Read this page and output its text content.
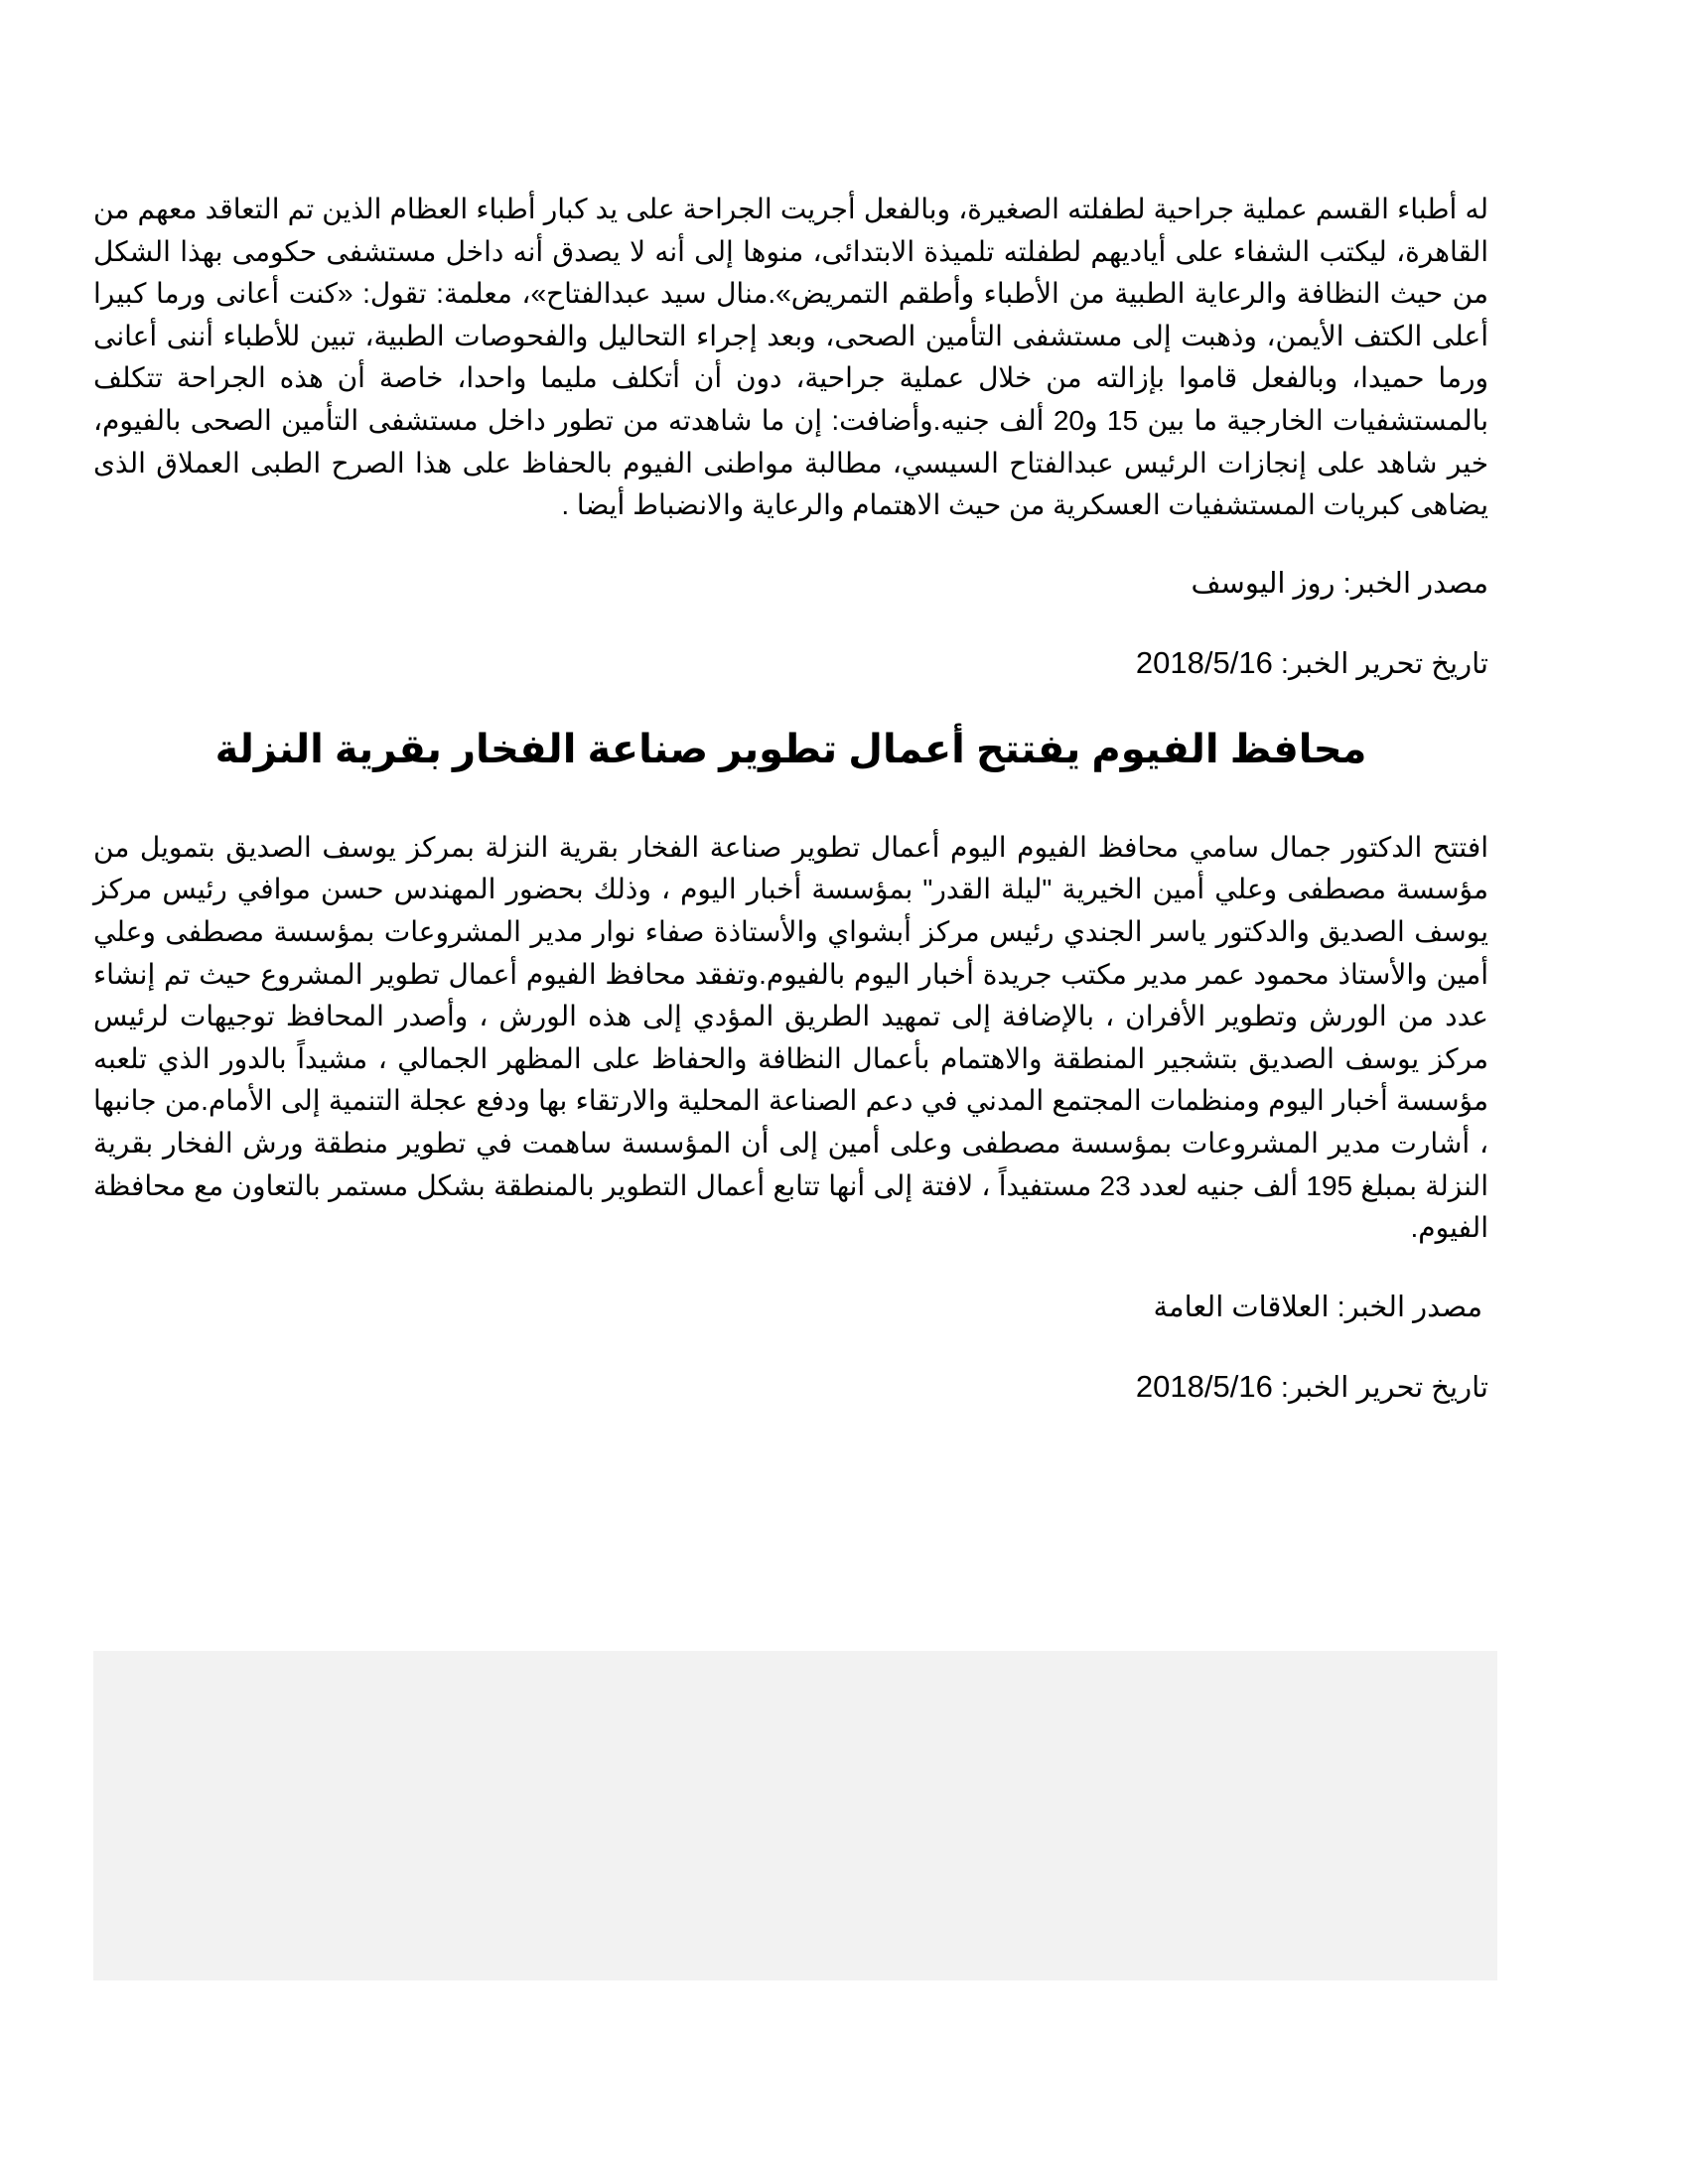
له أطباء القسم عملية جراحية لطفلته الصغيرة، وبالفعل أجريت الجراحة على يد كبار أطباء العظام الذين تم التعاقد معهم من القاهرة، ليكتب الشفاء على أياديهم لطفلته تلميذة الابتدائى، منوها إلى أنه لا يصدق أنه داخل مستشفى حكومى بهذا الشكل من حيث النظافة والرعاية الطبية من الأطباء وأطقم التمريض».منال سيد عبدالفتاح»، معلمة: تقول: «كنت أعانى ورما كبيرا أعلى الكتف الأيمن، وذهبت إلى مستشفى التأمين الصحى، وبعد إجراء التحاليل والفحوصات الطبية، تبين للأطباء أننى أعانى ورما حميدا، وبالفعل قاموا بإزالته من خلال عملية جراحية، دون أن أتكلف مليما واحدا، خاصة أن هذه الجراحة تتكلف بالمستشفيات الخارجية ما بين 15 و20 ألف جنيه.وأضافت: إن ما شاهدته من تطور داخل مستشفى التأمين الصحى بالفيوم، خير شاهد على إنجازات الرئيس عبدالفتاح السيسي، مطالبة مواطنى الفيوم بالحفاظ على هذا الصرح الطبى العملاق الذى يضاهى كبريات المستشفيات العسكرية من حيث الاهتمام والرعاية والانضباط أيضا .

مصدر الخبر: روز اليوسف

تاريخ تحرير الخبر: 2018/5/16

محافظ الفيوم يفتتح أعمال تطوير صناعة الفخار بقرية النزلة

افتتح الدكتور جمال سامي محافظ الفيوم اليوم أعمال تطوير صناعة الفخار بقرية النزلة بمركز يوسف الصديق بتمويل من مؤسسة مصطفى وعلي أمين الخيرية "ليلة القدر" بمؤسسة أخبار اليوم ، وذلك بحضور المهندس حسن موافي رئيس مركز يوسف الصديق والدكتور ياسر الجندي رئيس مركز أبشواي والأستاذة صفاء نوار مدير المشروعات بمؤسسة مصطفى وعلي أمين والأستاذ محمود عمر مدير مكتب جريدة أخبار اليوم بالفيوم.وتفقد محافظ الفيوم أعمال تطوير المشروع حيث تم إنشاء عدد من الورش وتطوير الأفران ، بالإضافة إلى تمهيد الطريق المؤدي إلى هذه الورش ، وأصدر المحافظ توجيهات لرئيس مركز يوسف الصديق بتشجير المنطقة والاهتمام بأعمال النظافة والحفاظ على المظهر الجمالي ، مشيداً بالدور الذي تلعبه مؤسسة أخبار اليوم ومنظمات المجتمع المدني في دعم الصناعة المحلية والارتقاء بها ودفع عجلة التنمية إلى الأمام.من جانبها ، أشارت مدير المشروعات بمؤسسة مصطفى وعلى أمين إلى أن المؤسسة ساهمت في تطوير منطقة ورش الفخار بقرية النزلة بمبلغ 195 ألف جنيه لعدد 23 مستفيداً ، لافتة إلى أنها تتابع أعمال التطوير بالمنطقة بشكل مستمر بالتعاون مع محافظة الفيوم.

مصدر الخبر: العلاقات العامة

تاريخ تحرير الخبر: 2018/5/16
